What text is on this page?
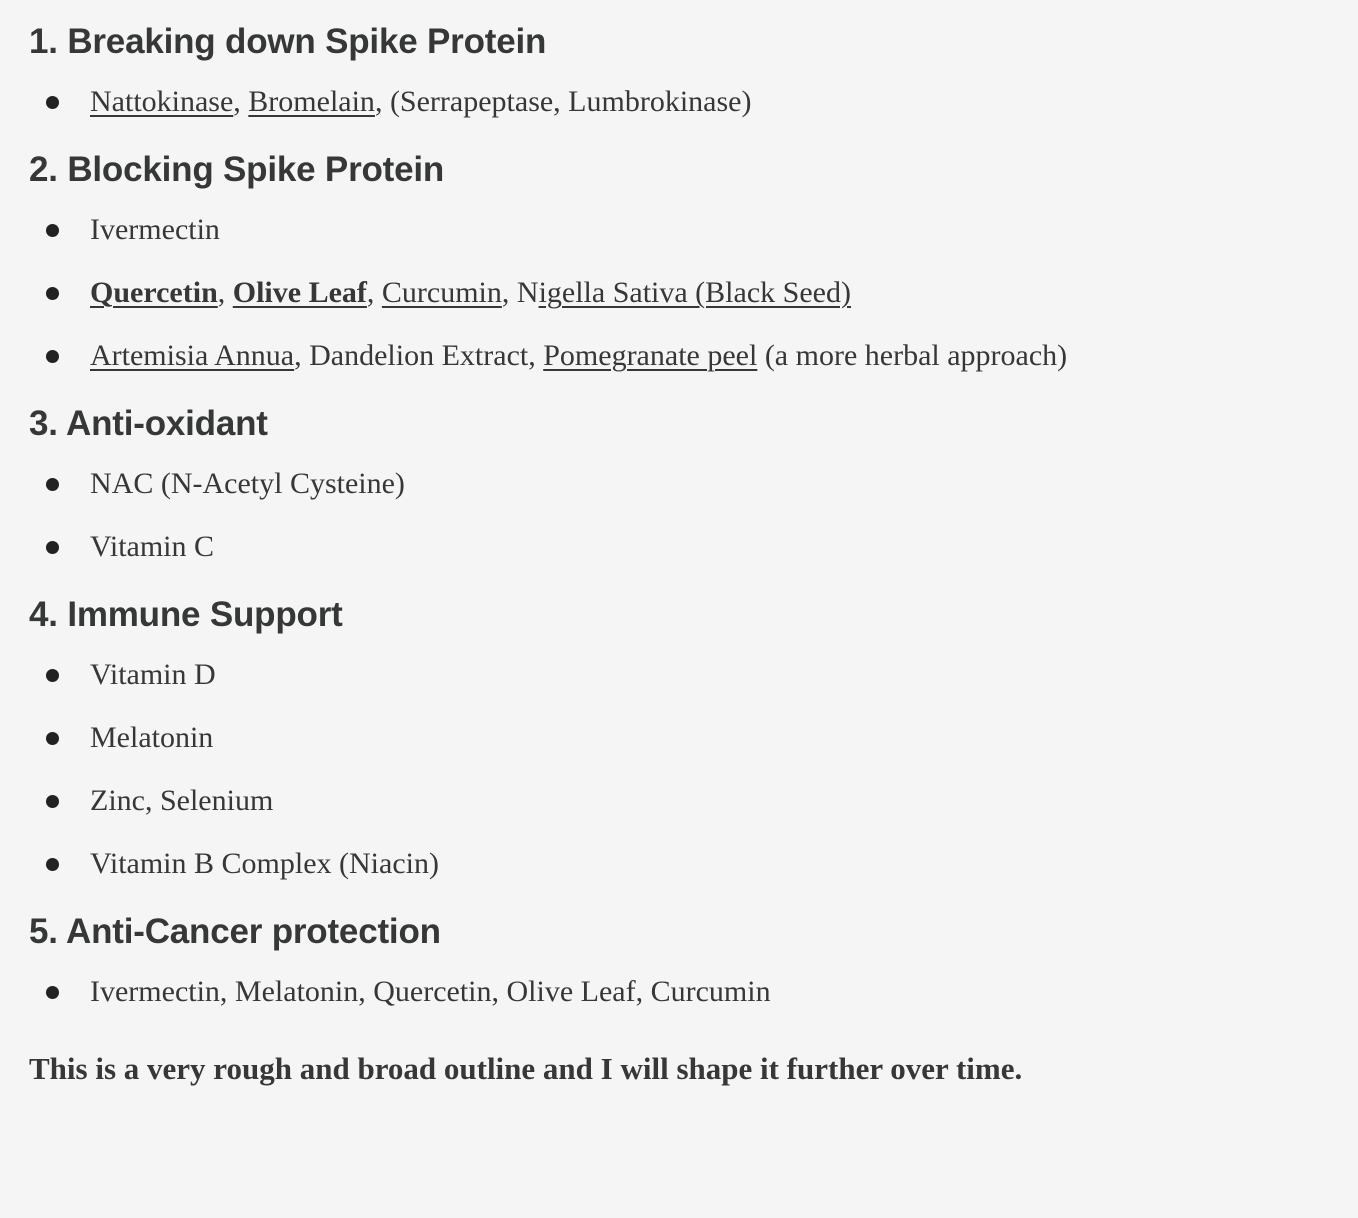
1. Breaking down Spike Protein
Nattokinase, Bromelain, (Serrapeptase, Lumbrokinase)
2. Blocking Spike Protein
Ivermectin
Quercetin, Olive Leaf, Curcumin, Nigella Sativa (Black Seed)
Artemisia Annua, Dandelion Extract, Pomegranate peel (a more herbal approach)
3. Anti-oxidant
NAC (N-Acetyl Cysteine)
Vitamin C
4. Immune Support
Vitamin D
Melatonin
Zinc, Selenium
Vitamin B Complex (Niacin)
5. Anti-Cancer protection
Ivermectin, Melatonin, Quercetin, Olive Leaf, Curcumin

This is a very rough and broad outline and I will shape it further over time.
